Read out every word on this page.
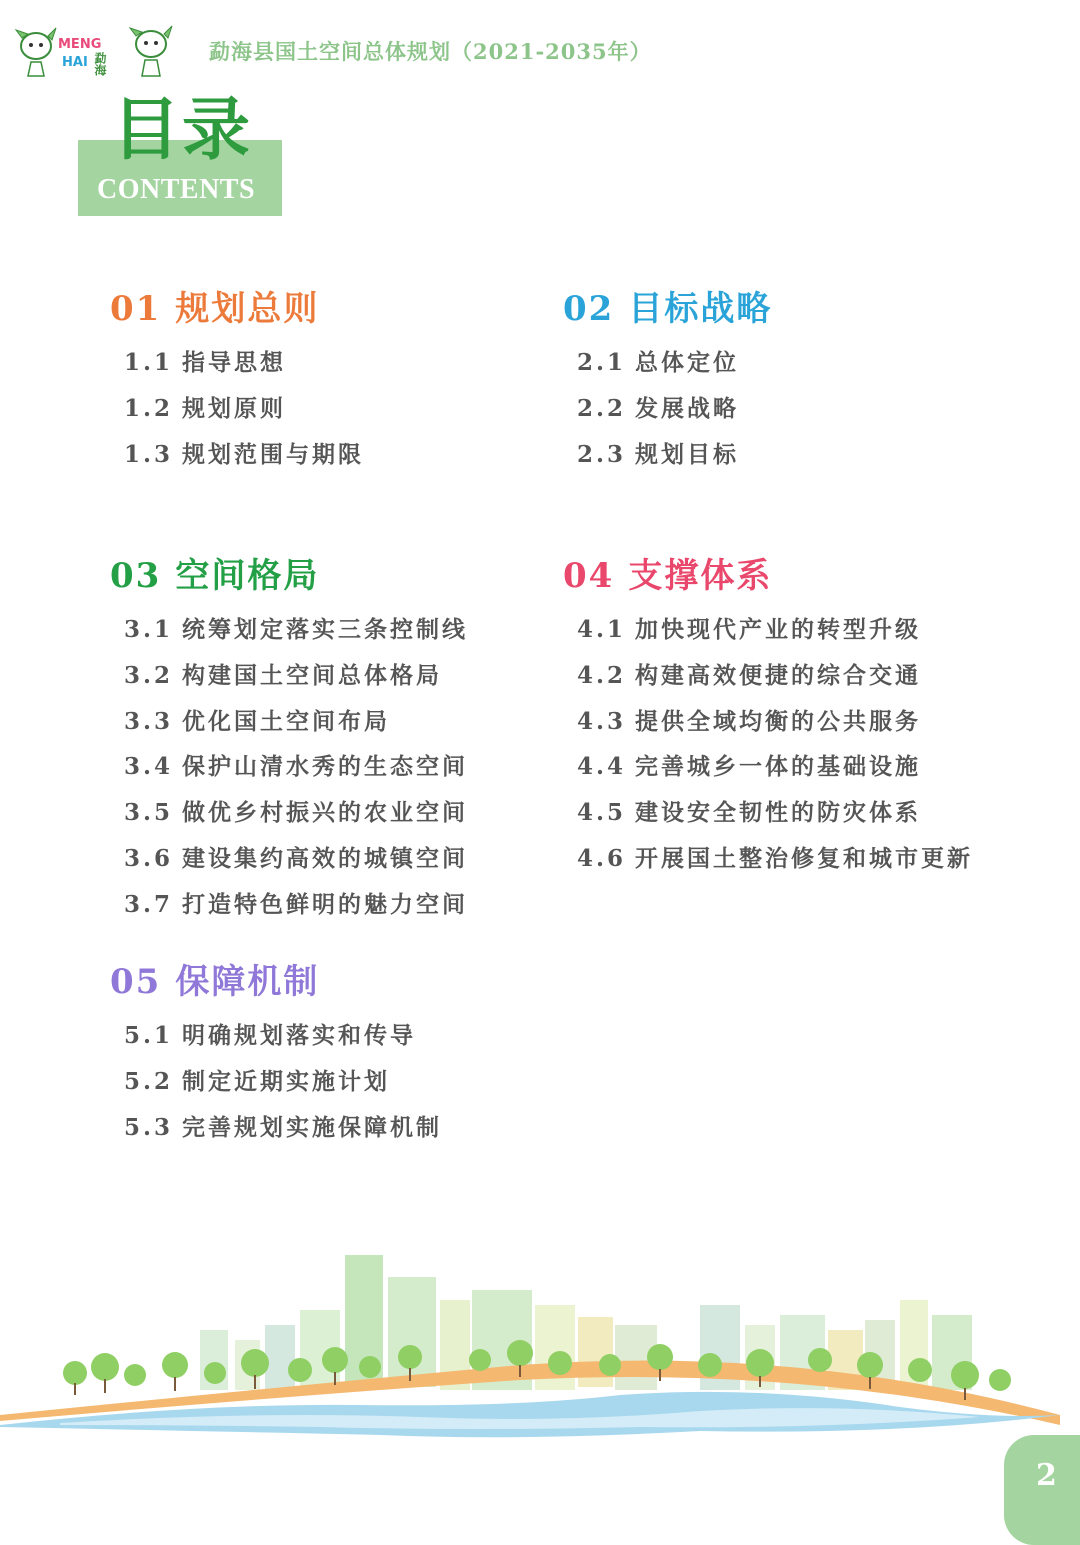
MENG
HAI 勐海	勐海县国土空间总体规划（2021-2035年）
目录
CONTENTS
01 规划总则
1.1 指导思想
1.2 规划原则
1.3 规划范围与期限
02 目标战略
2.1 总体定位
2.2 发展战略
2.3 规划目标
03 空间格局
3.1 统筹划定落实三条控制线
3.2 构建国土空间总体格局
3.3 优化国土空间布局
3.4 保护山清水秀的生态空间
3.5 做优乡村振兴的农业空间
3.6 建设集约高效的城镇空间
3.7 打造特色鲜明的魅力空间
04 支撑体系
4.1 加快现代产业的转型升级
4.2 构建高效便捷的综合交通
4.3 提供全域均衡的公共服务
4.4 完善城乡一体的基础设施
4.5 建设安全韧性的防灾体系
4.6 开展国土整治修复和城市更新
05 保障机制
5.1 明确规划落实和传导
5.2 制定近期实施计划
5.3 完善规划实施保障机制
2
